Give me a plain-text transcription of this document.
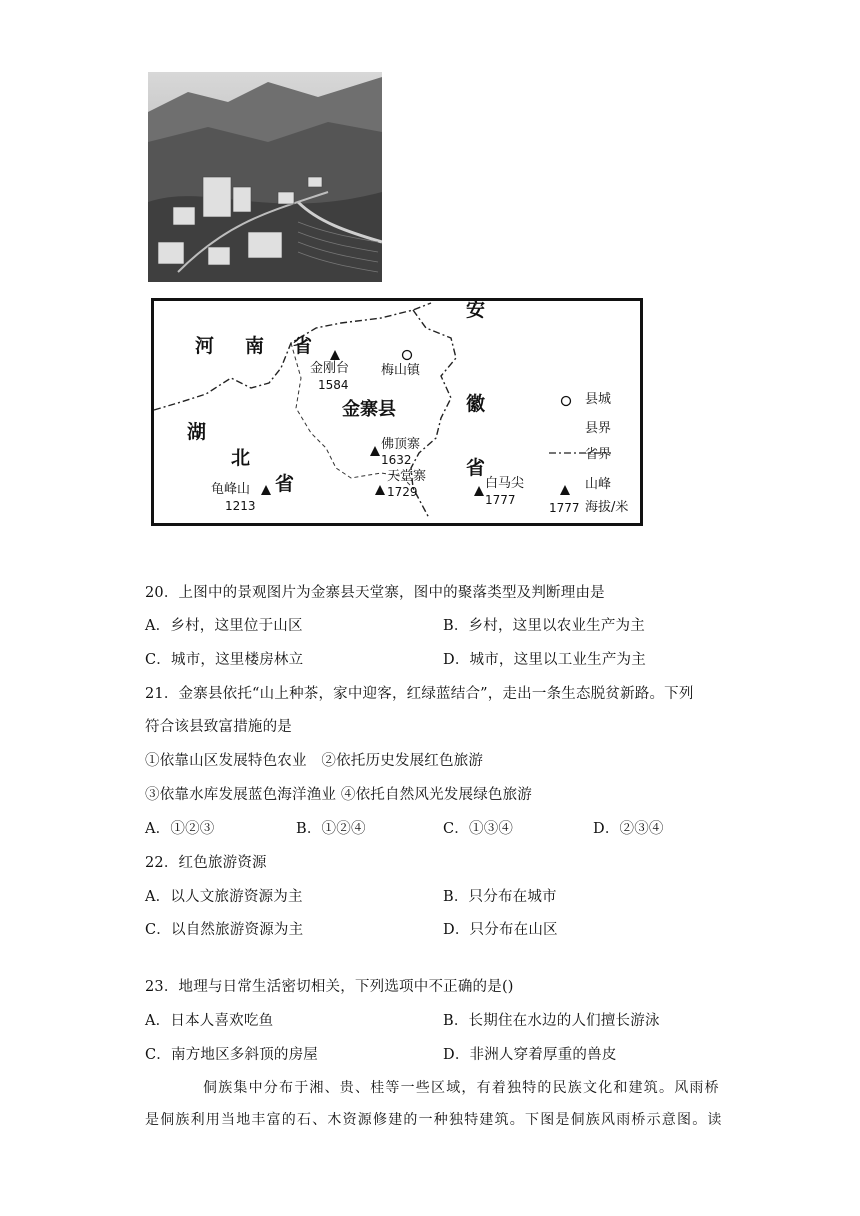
河 南 省
湖
北
省
安
徽
省
金寨县
梅山镇
金刚台
1584
佛顶寨
1632
天堂寨
1729
龟峰山
1213
白马尖
1777
县城
县界
省界
山峰
1777 海拔/米
20．上图中的景观图片为金寨县天堂寨，图中的聚落类型及判断理由是
A．乡村，这里位于山区	B．乡村，这里以农业生产为主
C．城市，这里楼房林立	D．城市，这里以工业生产为主
21．金寨县依托“山上种茶，家中迎客，红绿蓝结合”，走出一条生态脱贫新路。下列
符合该县致富措施的是
①依靠山区发展特色农业　②依托历史发展红色旅游
③依靠水库发展蓝色海洋渔业 ④依托自然风光发展绿色旅游
A．①②③	B．①②④	C．①③④	D．②③④
22．红色旅游资源
A．以人文旅游资源为主	B．只分布在城市
C．以自然旅游资源为主	D．只分布在山区
23．地理与日常生活密切相关，下列选项中不正确的是()
A．日本人喜欢吃鱼	B．长期住在水边的人们擅长游泳
C．南方地区多斜顶的房屋	D．非洲人穿着厚重的兽皮
侗族集中分布于湘、贵、桂等一些区域，有着独特的民族文化和建筑。风雨桥
是侗族利用当地丰富的石、木资源修建的一种独特建筑。下图是侗族风雨桥示意图。读
